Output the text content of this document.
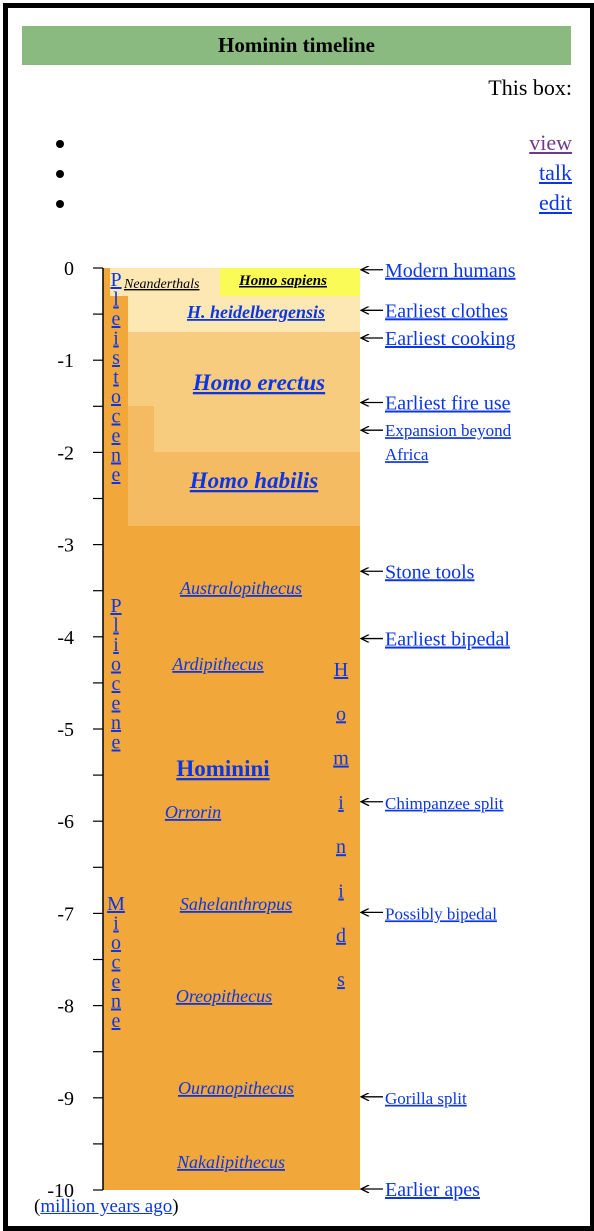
Hominin timeline
This box:
view
talk
edit
0
-1
-2
-3
-4
-5
-6
-7
-8
-9
-10
P l e i s t o c e n e
P l i o c e n e
M i o c e n e
H o m i n i d s
Neanderthals	Homo sapiens
H. heidelbergensis
Homo erectus
Homo habilis
Australopithecus
Ardipithecus
Hominini
Orrorin
Sahelanthropus
Oreopithecus
Ouranopithecus
Nakalipithecus
Modern humans
Earliest clothes
Earliest cooking
Earliest fire use
Expansion beyond Africa
Stone tools
Earliest bipedal
Chimpanzee split
Possibly bipedal
Gorilla split
Earlier apes
(million years ago)
